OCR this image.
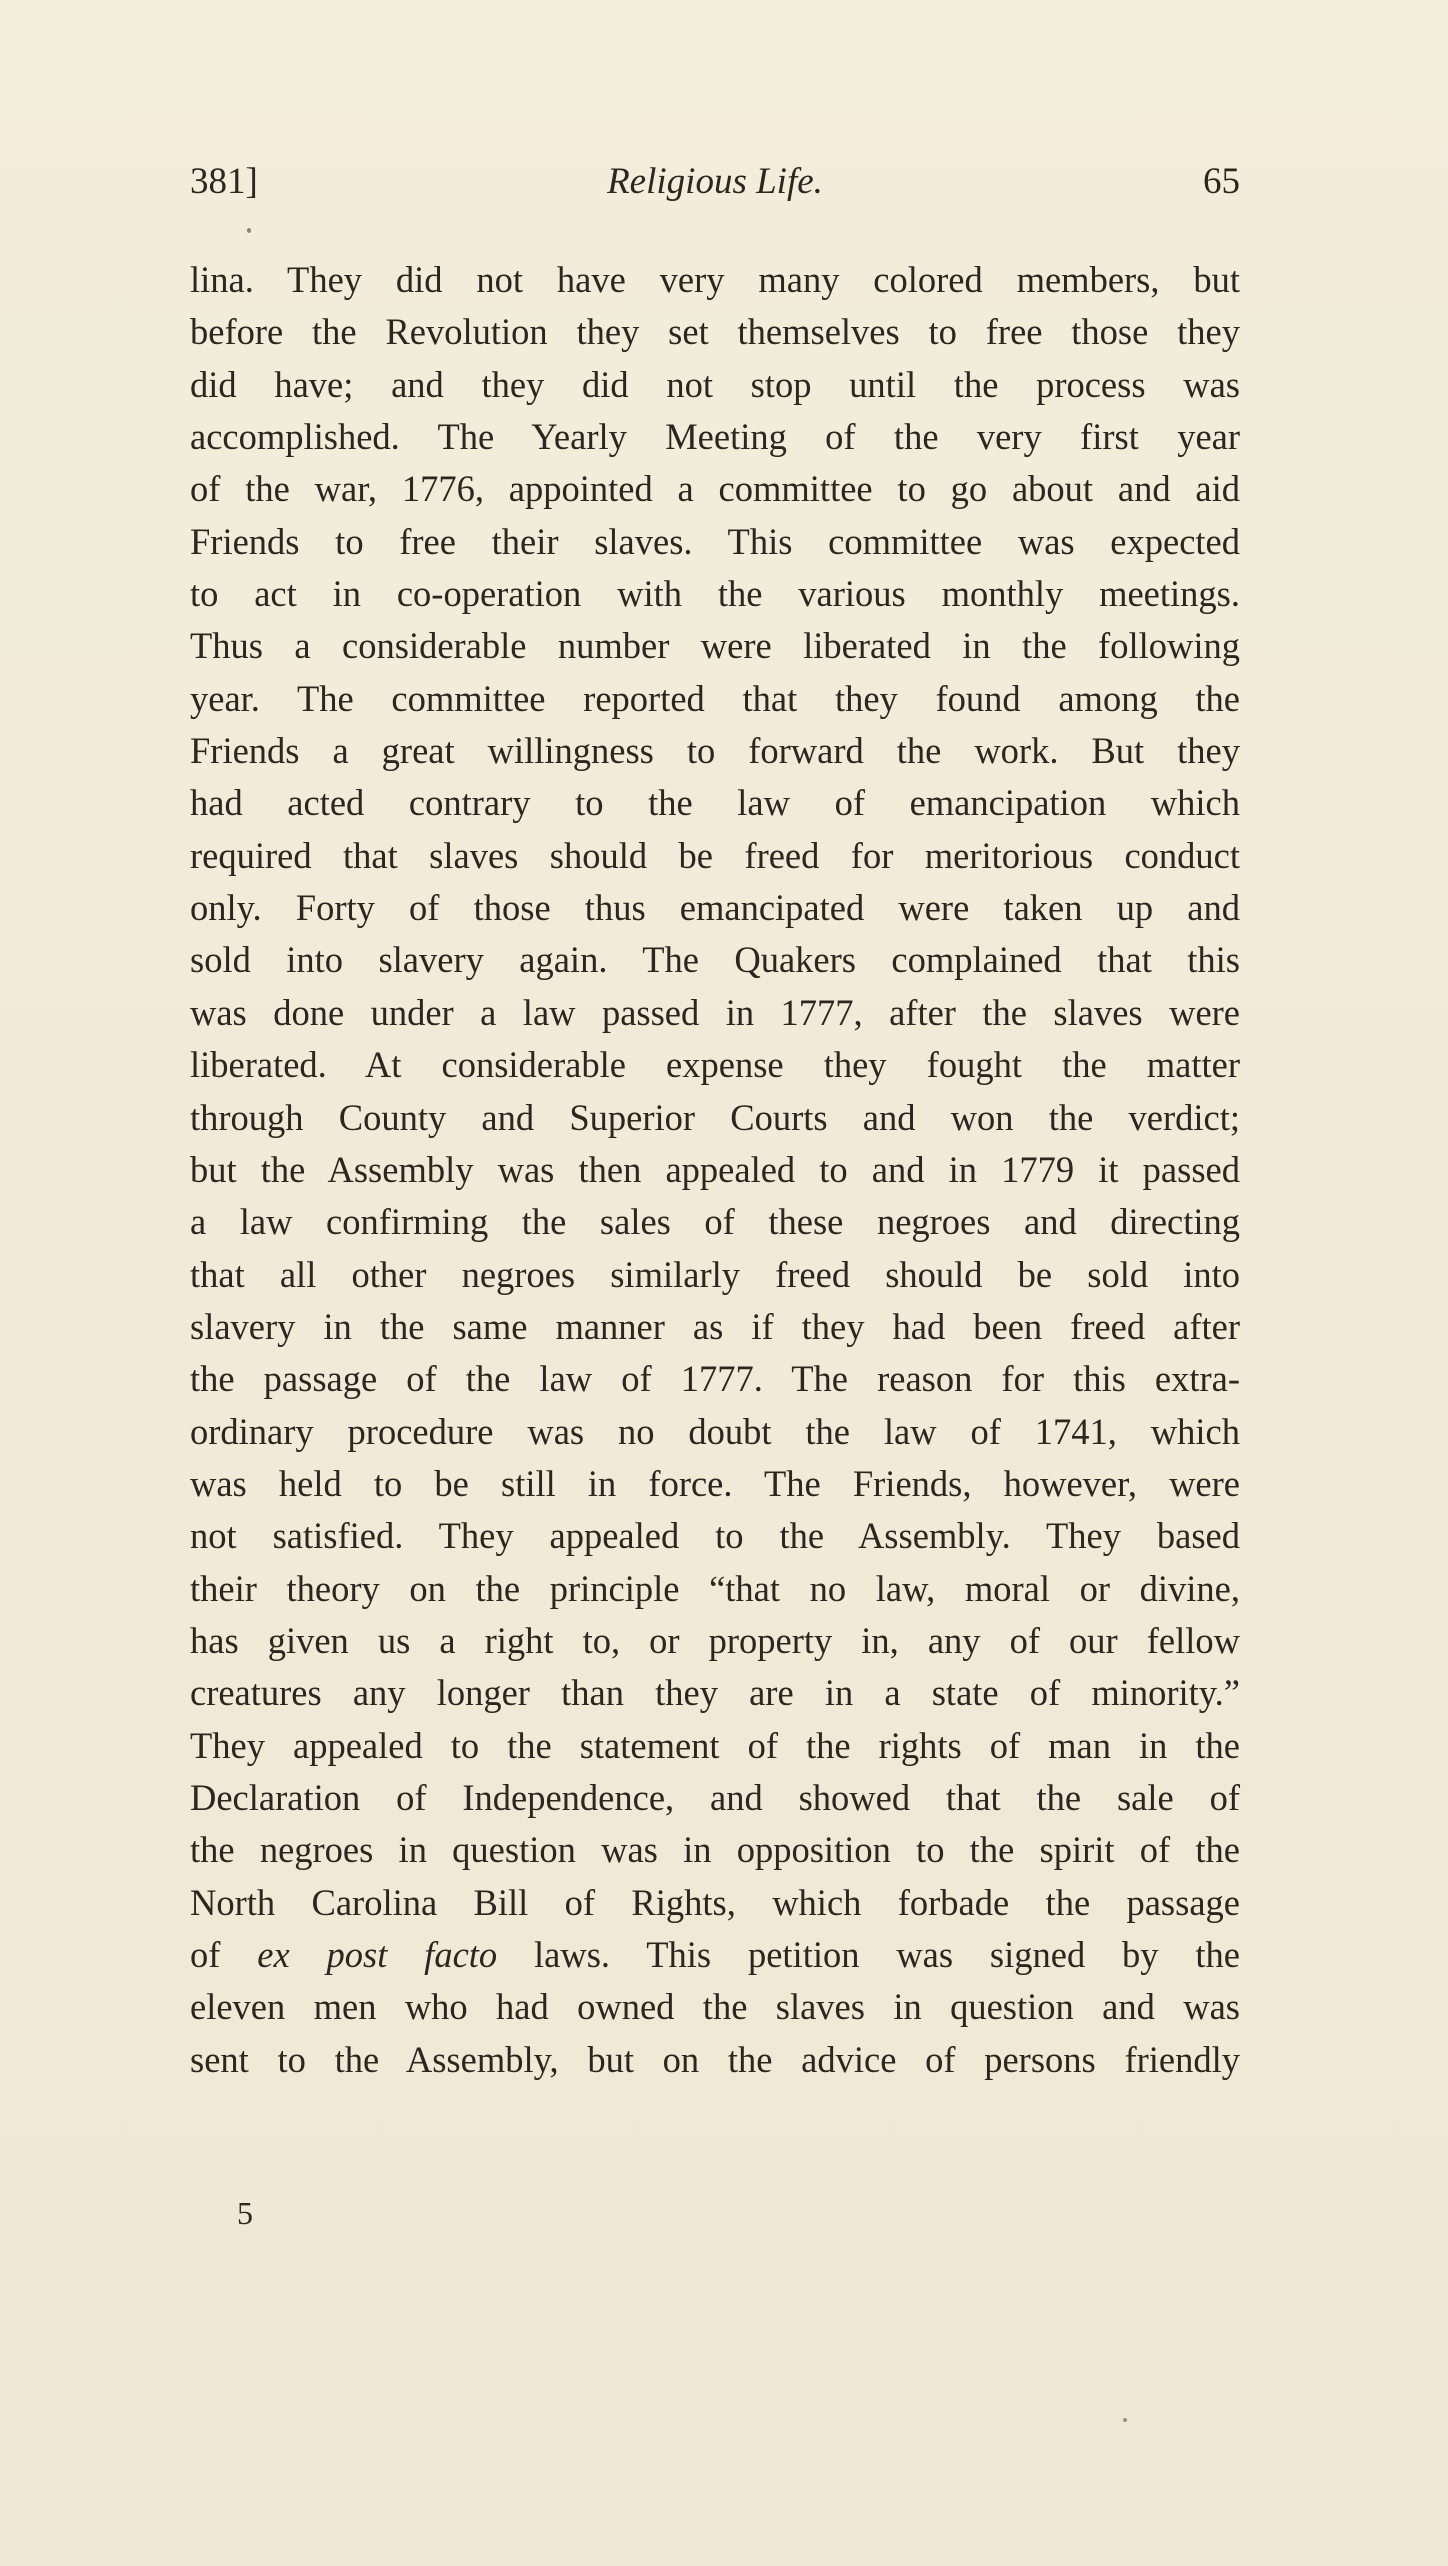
381]	Religious Life.	65
lina. They did not have very many colored members, but
before the Revolution they set themselves to free those they
did have; and they did not stop until the process was
accomplished. The Yearly Meeting of the very first year
of the war, 1776, appointed a committee to go about and aid
Friends to free their slaves. This committee was expected
to act in co-operation with the various monthly meetings.
Thus a considerable number were liberated in the following
year. The committee reported that they found among the
Friends a great willingness to forward the work. But they
had acted contrary to the law of emancipation which
required that slaves should be freed for meritorious conduct
only. Forty of those thus emancipated were taken up and
sold into slavery again. The Quakers complained that this
was done under a law passed in 1777, after the slaves were
liberated. At considerable expense they fought the matter
through County and Superior Courts and won the verdict;
but the Assembly was then appealed to and in 1779 it passed
a law confirming the sales of these negroes and directing
that all other negroes similarly freed should be sold into
slavery in the same manner as if they had been freed after
the passage of the law of 1777. The reason for this extra-
ordinary procedure was no doubt the law of 1741, which
was held to be still in force. The Friends, however, were
not satisfied. They appealed to the Assembly. They based
their theory on the principle “that no law, moral or divine,
has given us a right to, or property in, any of our fellow
creatures any longer than they are in a state of minority.”
They appealed to the statement of the rights of man in the
Declaration of Independence, and showed that the sale of
the negroes in question was in opposition to the spirit of the
North Carolina Bill of Rights, which forbade the passage
of ex post facto laws. This petition was signed by the
eleven men who had owned the slaves in question and was
sent to the Assembly, but on the advice of persons friendly
5
